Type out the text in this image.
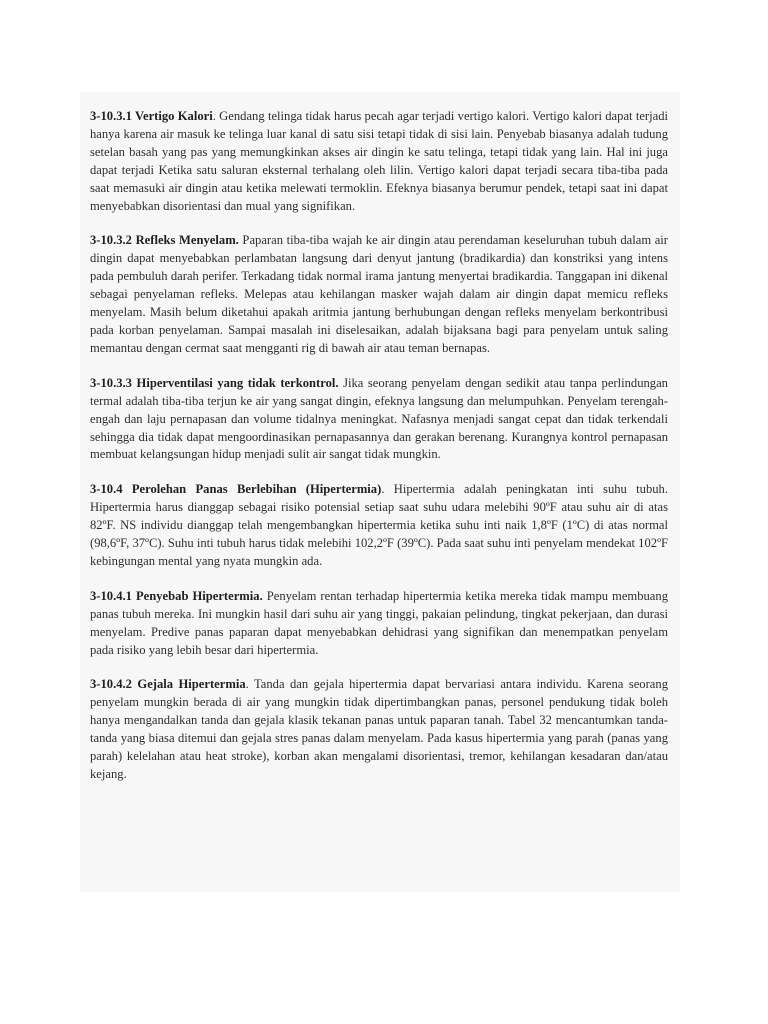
3-10.3.1 Vertigo Kalori. Gendang telinga tidak harus pecah agar terjadi vertigo kalori. Vertigo kalori dapat terjadi hanya karena air masuk ke telinga luar kanal di satu sisi tetapi tidak di sisi lain. Penyebab biasanya adalah tudung setelan basah yang pas yang memungkinkan akses air dingin ke satu telinga, tetapi tidak yang lain. Hal ini juga dapat terjadi Ketika satu saluran eksternal terhalang oleh lilin. Vertigo kalori dapat terjadi secara tiba-tiba pada saat memasuki air dingin atau ketika melewati termoklin. Efeknya biasanya berumur pendek, tetapi saat ini dapat menyebabkan disorientasi dan mual yang signifikan.

3-10.3.2 Refleks Menyelam. Paparan tiba-tiba wajah ke air dingin atau perendaman keseluruhan tubuh dalam air dingin dapat menyebabkan perlambatan langsung dari denyut jantung (bradikardia) dan konstriksi yang intens pada pembuluh darah perifer. Terkadang tidak normal irama jantung menyertai bradikardia. Tanggapan ini dikenal sebagai penyelaman refleks. Melepas atau kehilangan masker wajah dalam air dingin dapat memicu refleks menyelam. Masih belum diketahui apakah aritmia jantung berhubungan dengan refleks menyelam berkontribusi pada korban penyelaman. Sampai masalah ini diselesaikan, adalah bijaksana bagi para penyelam untuk saling memantau dengan cermat saat mengganti rig di bawah air atau teman bernapas.

3-10.3.3 Hiperventilasi yang tidak terkontrol. Jika seorang penyelam dengan sedikit atau tanpa perlindungan termal adalah tiba-tiba terjun ke air yang sangat dingin, efeknya langsung dan melumpuhkan. Penyelam terengah-engah dan laju pernapasan dan volume tidalnya meningkat. Nafasnya menjadi sangat cepat dan tidak terkendali sehingga dia tidak dapat mengoordinasikan pernapasannya dan gerakan berenang. Kurangnya kontrol pernapasan membuat kelangsungan hidup menjadi sulit air sangat tidak mungkin.

3-10.4 Perolehan Panas Berlebihan (Hipertermia). Hipertermia adalah peningkatan inti suhu tubuh. Hipertermia harus dianggap sebagai risiko potensial setiap saat suhu udara melebihi 90ºF atau suhu air di atas 82ºF. NS individu dianggap telah mengembangkan hipertermia ketika suhu inti naik 1,8ºF (1ºC) di atas normal (98,6ºF, 37ºC). Suhu inti tubuh harus tidak melebihi 102,2ºF (39ºC). Pada saat suhu inti penyelam mendekat 102ºF kebingungan mental yang nyata mungkin ada.

3-10.4.1 Penyebab Hipertermia. Penyelam rentan terhadap hipertermia ketika mereka tidak mampu membuang panas tubuh mereka. Ini mungkin hasil dari suhu air yang tinggi, pakaian pelindung, tingkat pekerjaan, dan durasi menyelam. Predive panas paparan dapat menyebabkan dehidrasi yang signifikan dan menempatkan penyelam pada risiko yang lebih besar dari hipertermia.

3-10.4.2 Gejala Hipertermia. Tanda dan gejala hipertermia dapat bervariasi antara individu. Karena seorang penyelam mungkin berada di air yang mungkin tidak dipertimbangkan panas, personel pendukung tidak boleh hanya mengandalkan tanda dan gejala klasik tekanan panas untuk paparan tanah. Tabel 32 mencantumkan tanda-tanda yang biasa ditemui dan gejala stres panas dalam menyelam. Pada kasus hipertermia yang parah (panas yang parah) kelelahan atau heat stroke), korban akan mengalami disorientasi, tremor, kehilangan kesadaran dan/atau kejang.
